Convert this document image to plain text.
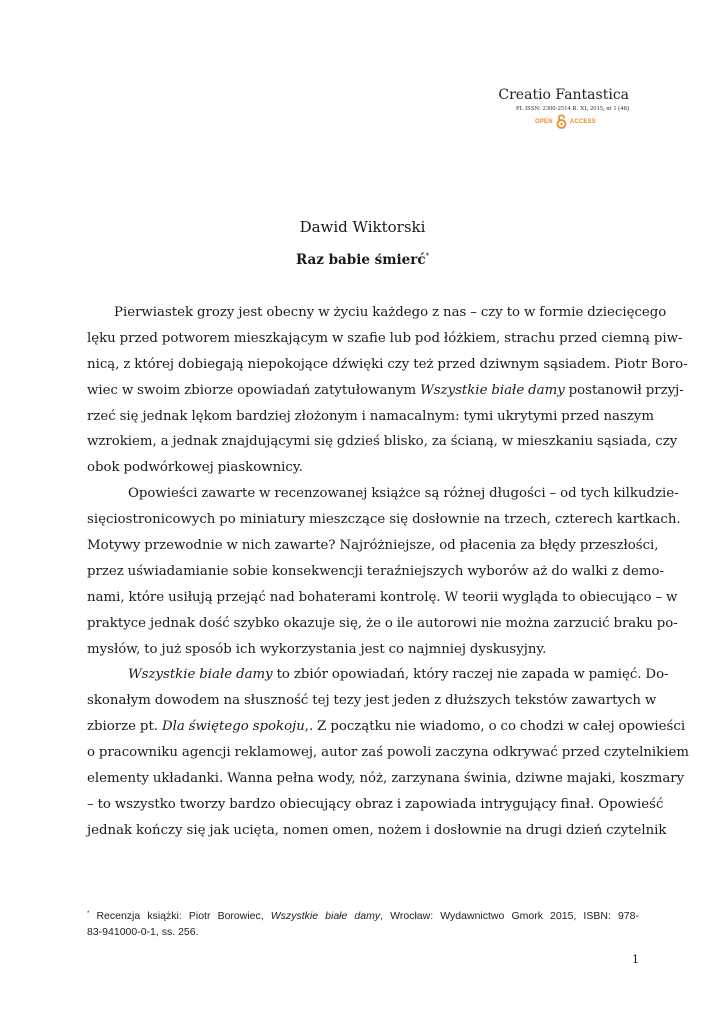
Creatio Fantastica
PL ISSN: 2300-2514 R. XI, 2015, nr 1 (48)
OPEN	ACCESS
Dawid Wiktorski
Raz babie śmierć*
Pierwiastek grozy jest obecny w życiu każdego z nas – czy to w formie dziecięcego
lęku przed potworem mieszkającym w szafie lub pod łóżkiem, strachu przed ciemną piw-
nicą, z której dobiegają niepokojące dźwięki czy też przed dziwnym sąsiadem. Piotr Boro-
wiec w swoim zbiorze opowiadań zatytułowanym Wszystkie białe damy postanowił przyj-
rzeć się jednak lękom bardziej złożonym i namacalnym: tymi ukrytymi przed naszym
wzrokiem, a jednak znajdującymi się gdzieś blisko, za ścianą, w mieszkaniu sąsiada, czy
obok podwórkowej piaskownicy.
Opowieści zawarte w recenzowanej książce są różnej długości – od tych kilkudzie-
sięciostronicowych po miniatury mieszczące się dosłownie na trzech, czterech kartkach.
Motywy przewodnie w nich zawarte? Najróżniejsze, od płacenia za błędy przeszłości,
przez uświadamianie sobie konsekwencji teraźniejszych wyborów aż do walki z demo-
nami, które usiłują przejąć nad bohaterami kontrolę. W teorii wygląda to obiecująco – w
praktyce jednak dość szybko okazuje się, że o ile autorowi nie można zarzucić braku po-
mysłów, to już sposób ich wykorzystania jest co najmniej dyskusyjny.
Wszystkie białe damy to zbiór opowiadań, który raczej nie zapada w pamięć. Do-
skonałym dowodem na słuszność tej tezy jest jeden z dłuższych tekstów zawartych w
zbiorze pt. Dla świętego spokoju,. Z początku nie wiadomo, o co chodzi w całej opowieści
o pracowniku agencji reklamowej, autor zaś powoli zaczyna odkrywać przed czytelnikiem
elementy układanki. Wanna pełna wody, nóż, zarzynana świnia, dziwne majaki, koszmary
– to wszystko tworzy bardzo obiecujący obraz i zapowiada intrygujący finał. Opowieść
jednak kończy się jak ucięta, nomen omen, nożem i dosłownie na drugi dzień czytelnik
* Recenzja książki: Piotr Borowiec, Wszystkie białe damy, Wrocław: Wydawnictwo Gmork 2015, ISBN: 978-
83-941000-0-1, ss. 256.
1
